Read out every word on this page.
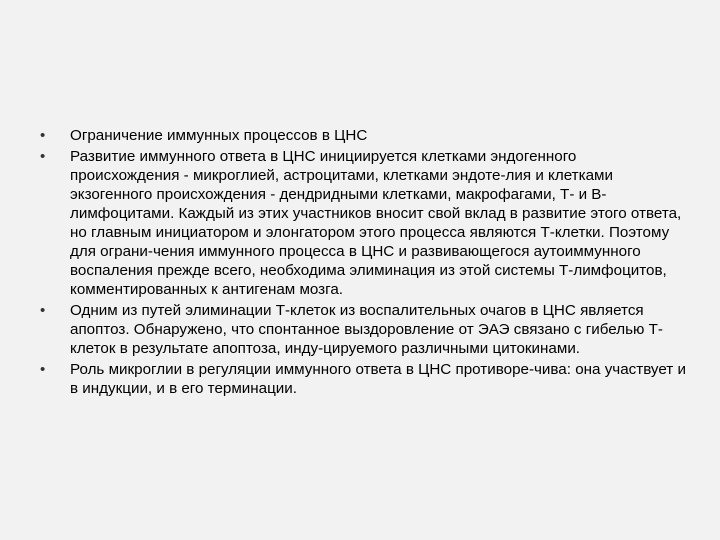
•	Ограничение иммунных процессов в ЦНС
•	Развитие иммунного ответа в ЦНС инициируется клетками эндогенного происхождения - микроглией, астроцитами, клетками эндоте-лия и клетками экзогенного происхождения - дендридными клетками, макрофагами, Т- и В-лимфоцитами. Каждый из этих участников вносит свой вклад в развитие этого ответа, но главным инициатором и элонгатором этого процесса являются Т-клетки. Поэтому для ограни-чения иммунного процесса в ЦНС и развивающегося аутоиммунного воспаления прежде всего, необходима элиминация из этой системы Т-лимфоцитов, комментированных к антигенам мозга.
•	Одним из путей элиминации Т-клеток из воспалительных очагов в ЦНС является апоптоз. Обнаружено, что спонтанное выздоровление от ЭАЭ связано с гибелью Т-клеток в результате апоптоза, инду-цируемого различными цитокинами.
•	Роль микроглии в регуляции иммунного ответа в ЦНС противоре-чива: она участвует и в индукции, и в его терминации.
